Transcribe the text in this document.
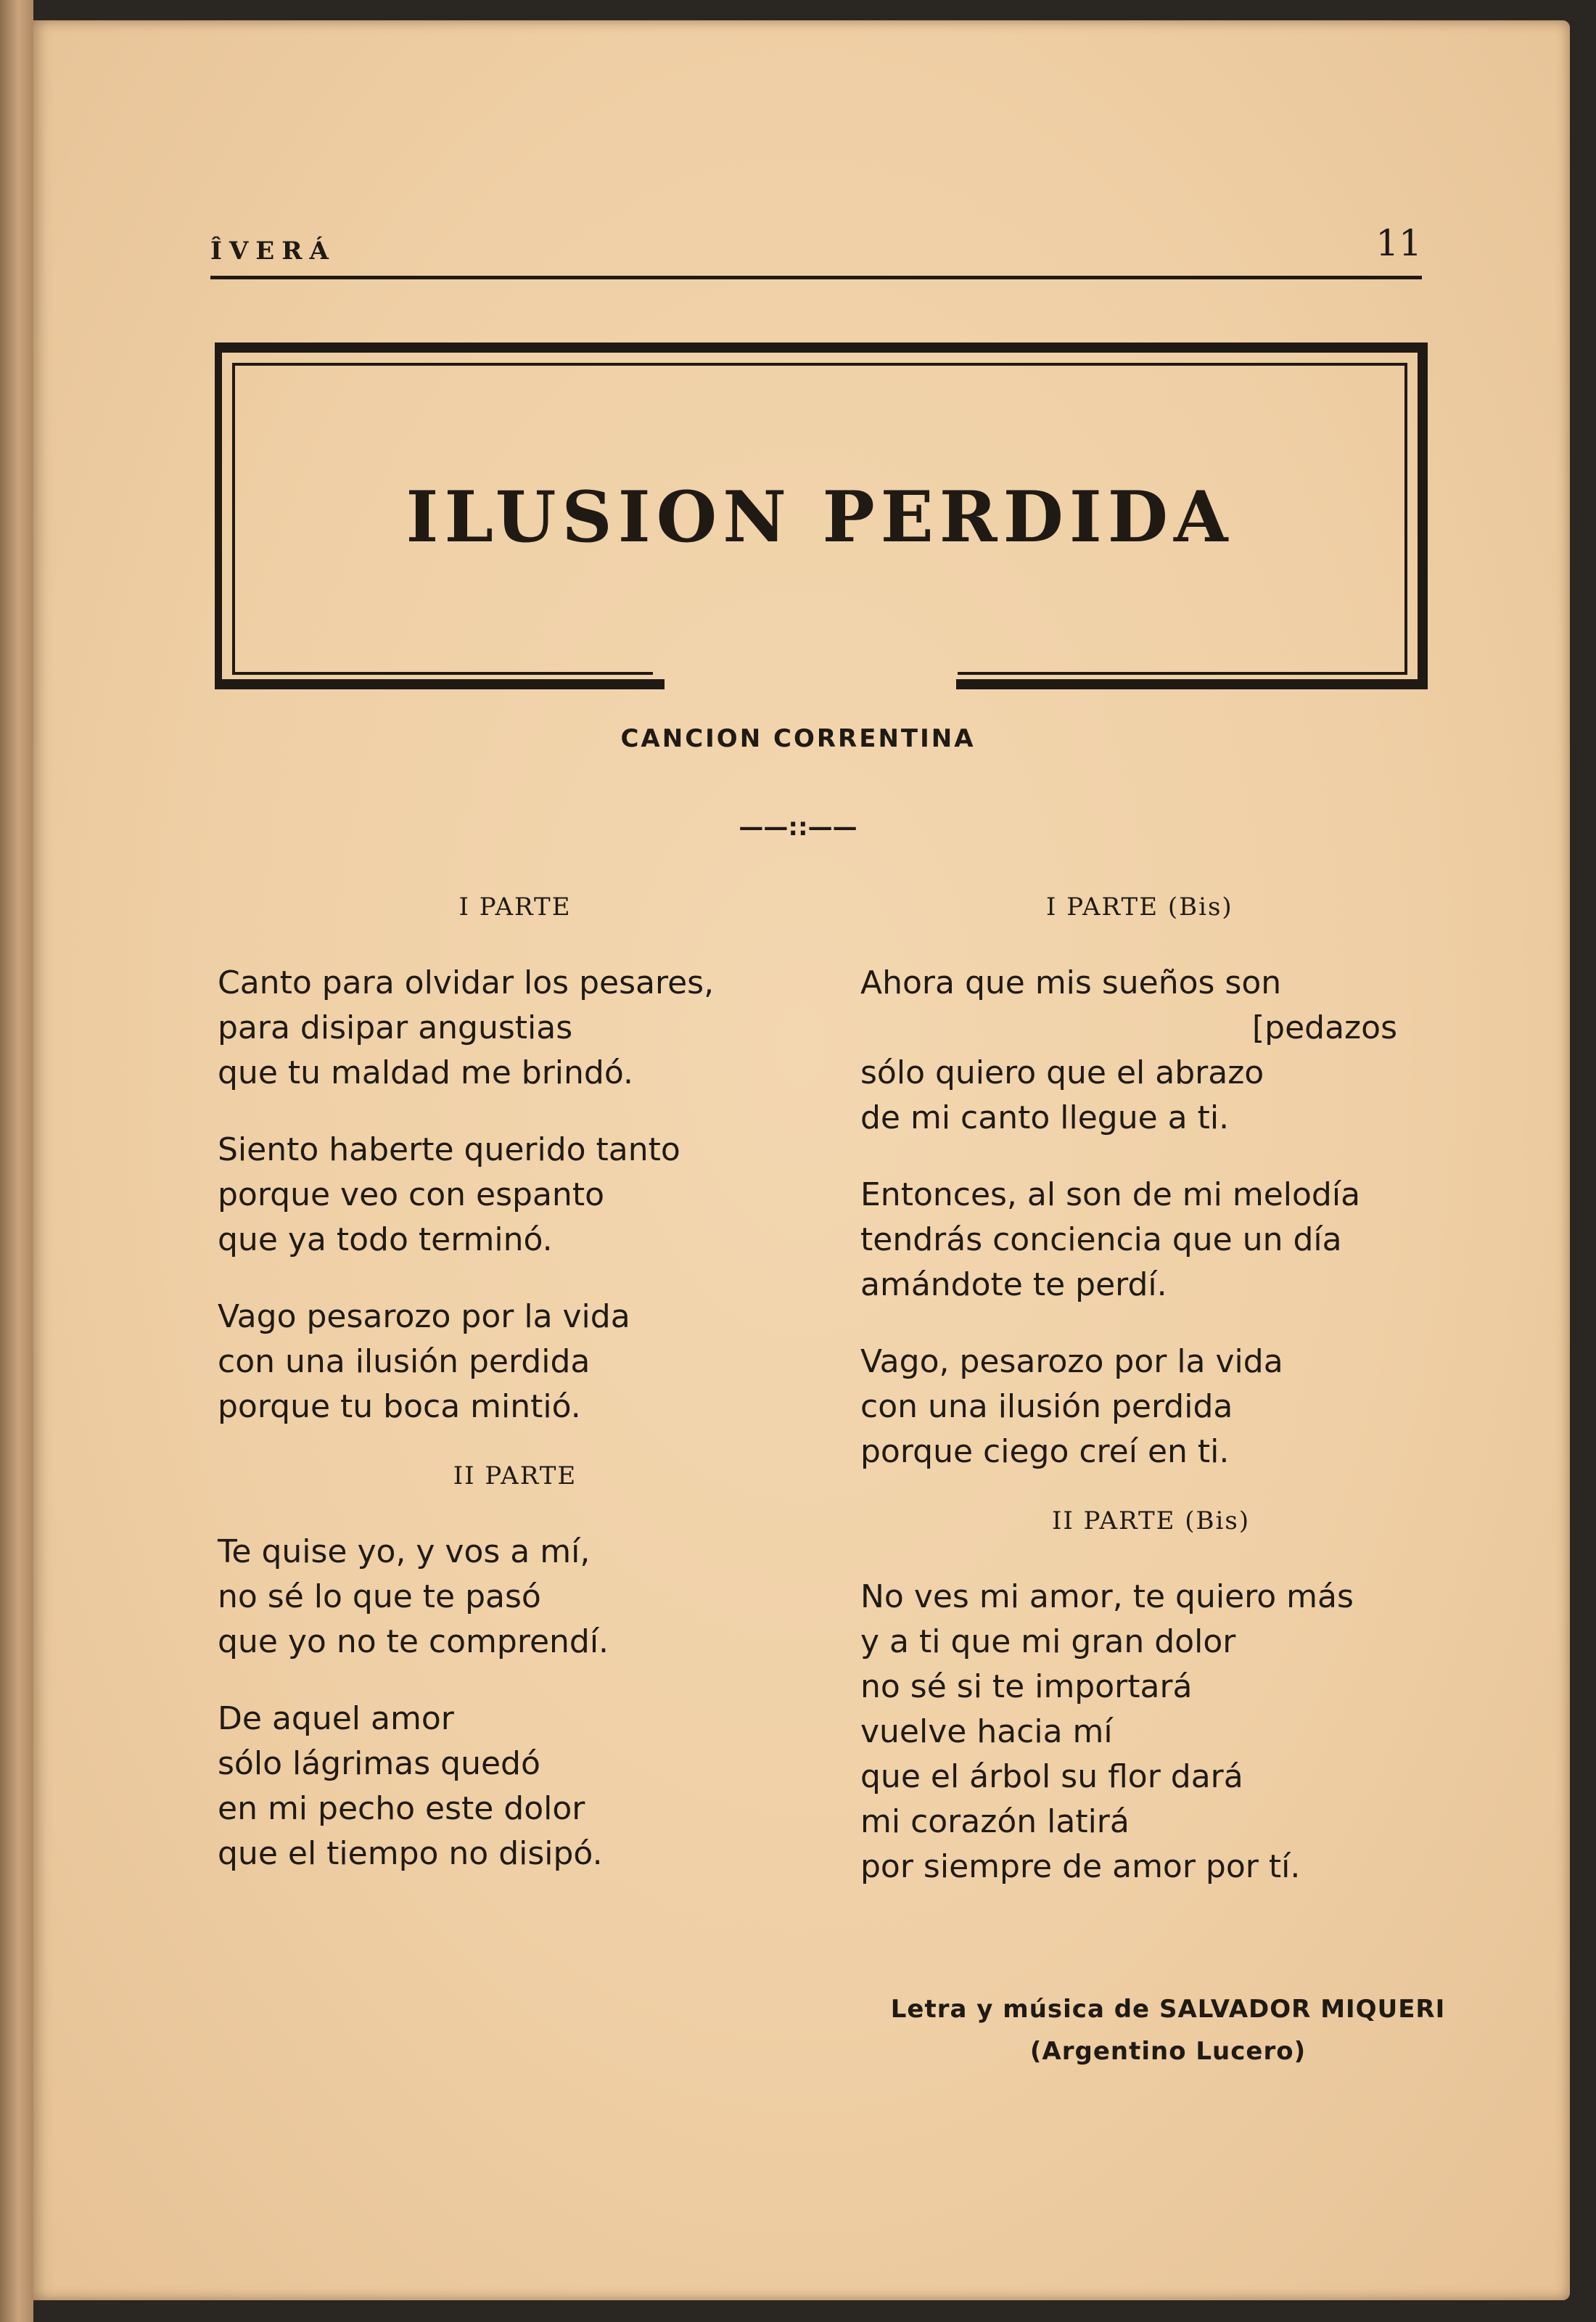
ÎVERÁ	11
ILUSION PERDIDA
CANCION CORRENTINA
——::——
I PARTE
Canto para olvidar los pesares,
para disipar angustias
que tu maldad me brindó.
Siento haberte querido tanto
porque veo con espanto
que ya todo terminó.
Vago pesarozo por la vida
con una ilusión perdida
porque tu boca mintió.
II PARTE
Te quise yo, y vos a mí,
no sé lo que te pasó
que yo no te comprendí.
De aquel amor
sólo lágrimas quedó
en mi pecho este dolor
que el tiempo no disipó.
I PARTE (Bis)
Ahora que mis sueños son
[pedazos
sólo quiero que el abrazo
de mi canto llegue a ti.
Entonces, al son de mi melodía
tendrás conciencia que un día
amándote te perdí.
Vago, pesarozo por la vida
con una ilusión perdida
porque ciego creí en ti.
II PARTE (Bis)
No ves mi amor, te quiero más
y a ti que mi gran dolor
no sé si te importará
vuelve hacia mí
que el árbol su flor dará
mi corazón latirá
por siempre de amor por tí.
Letra y música de SALVADOR MIQUERI
(Argentino Lucero)
